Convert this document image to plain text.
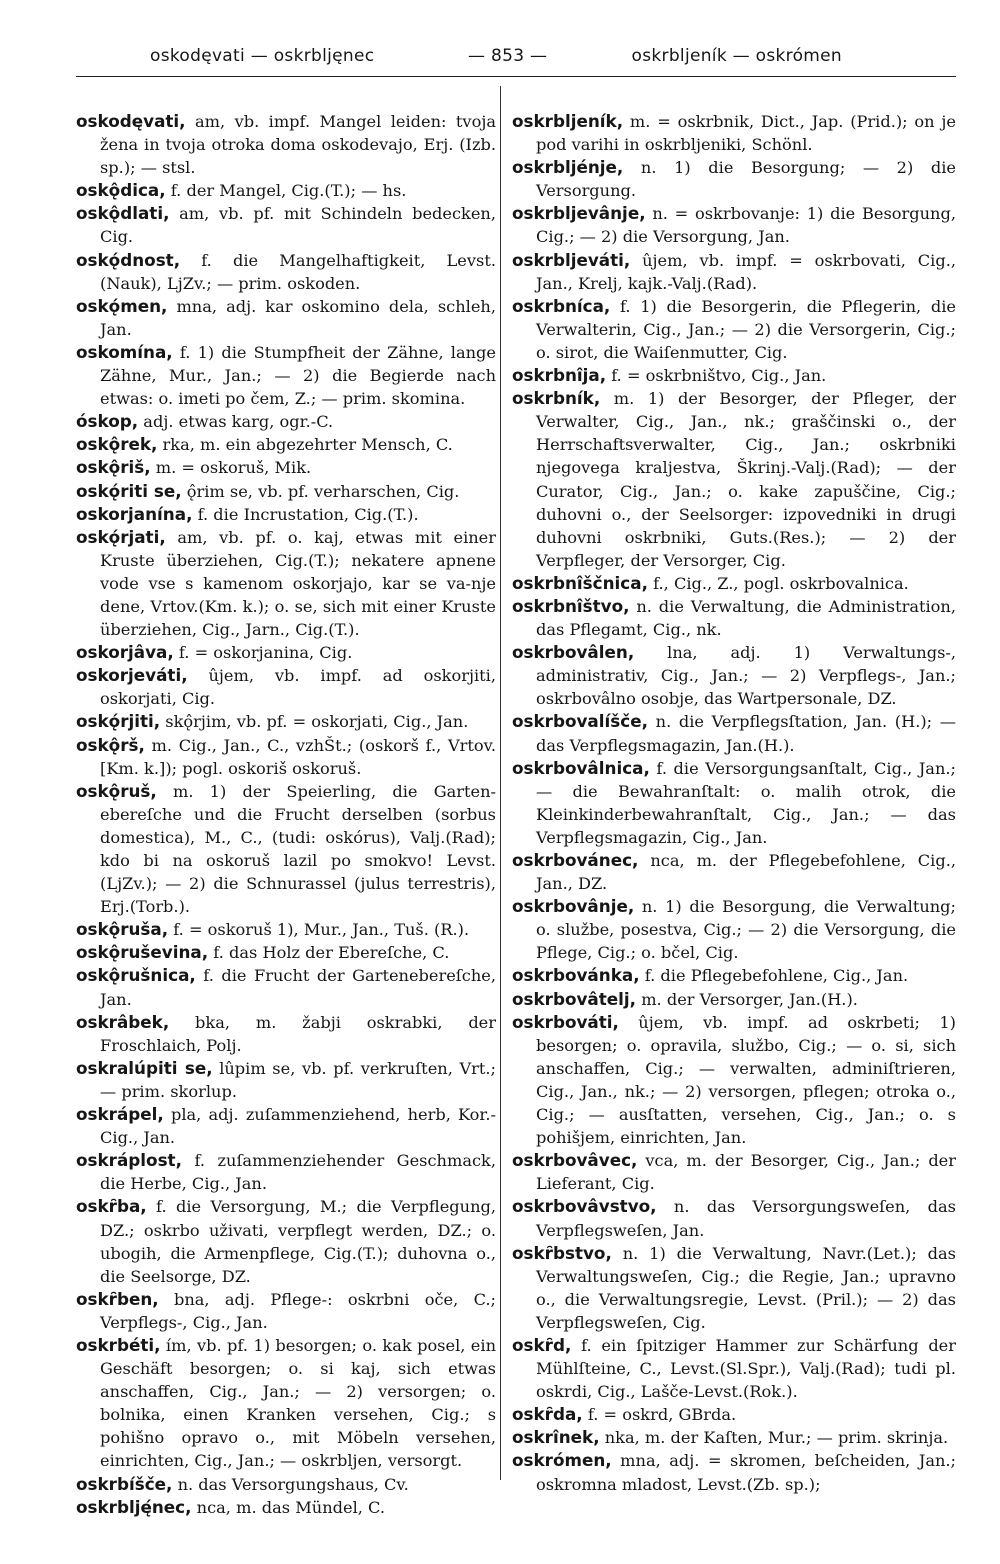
oskodęvati — oskrbljęnec	— 853 —	oskrbljeník — oskrómen

oskodęvati, am, vb. impf. Mangel leiden: tvoja žena in tvoja otroka doma oskodevajo, Erj. (Izb. sp.); — stsl.

oskǫ̂dica, f. der Mangel, Cig.(T.); — hs.

oskǫ̂dlati, am, vb. pf. mit Schindeln bedecken, Cig.

oskǫ́dnost, f. die Mangelhaftigkeit, Levst. (Nauk), LjZv.; — prim. oskoden.

oskǫ́men, mna, adj. kar oskomino dela, schleh, Jan.

oskomína, f. 1) die Stumpfheit der Zähne, lange Zähne, Mur., Jan.; — 2) die Begierde nach etwas: o. imeti po čem, Z.; — prim. skomina.

óskop, adj. etwas karg, ogr.-C.

oskǫ̂rek, rka, m. ein abgezehrter Mensch, C.

oskǫ̂riš, m. = oskoruš, Mik.

oskǫ́riti se, ǫ̂rim se, vb. pf. verharschen, Cig.

oskorjanína, f. die Incrustation, Cig.(T.).

oskǫ́rjati, am, vb. pf. o. kaj, etwas mit einer Kruste überziehen, Cig.(T.); nekatere apnene vode vse s kamenom oskorjajo, kar se va-nje dene, Vrtov.(Km. k.); o. se, sich mit einer Kruste überziehen, Cig., Jarn., Cig.(T.).

oskorjâva, f. = oskorjanina, Cig.

oskorjeváti, ûjem, vb. impf. ad oskorjiti, oskorjati, Cig.

oskǫ́rjiti, skǫ̂rjim, vb. pf. = oskorjati, Cig., Jan.

oskǫ̂rš, m. Cig., Jan., C., vzhŠt.; (oskorš f., Vrtov.[Km. k.]); pogl. oskoriš oskoruš.

oskǫ̂ruš, m. 1) der Speierling, die Garten-ebereſche und die Frucht derselben (sorbus domestica), M., C., (tudi: oskórus), Valj.(Rad); kdo bi na oskoruš lazil po smokvo! Levst. (LjZv.); — 2) die Schnurassel (julus terrestris), Erj.(Torb.).

oskǫ̂ruša, f. = oskoruš 1), Mur., Jan., Tuš. (R.).

oskǫ̂ruševina, f. das Holz der Ebereſche, C.

oskǫ̂rušnica, f. die Frucht der Gartenebereſche, Jan.

oskrâbek, bka, m. žabji oskrabki, der Froschlaich, Polj.

oskralúpiti se, lûpim se, vb. pf. verkruſten, Vrt.; — prim. skorlup.

oskrápel, pla, adj. zuſammenziehend, herb, Kor.-Cig., Jan.

oskráplost, f. zuſammenziehender Geschmack, die Herbe, Cig., Jan.

oskȓba, f. die Versorgung, M.; die Verpflegung, DZ.; oskrbo uživati, verpflegt werden, DZ.; o. ubogih, die Armenpflege, Cig.(T.); duhovna o., die Seelsorge, DZ.

oskȓben, bna, adj. Pflege-: oskrbni oče, C.; Verpflegs-, Cig., Jan.

oskrbéti, ím, vb. pf. 1) besorgen; o. kak posel, ein Geschäft besorgen; o. si kaj, sich etwas anschaffen, Cig., Jan.; — 2) versorgen; o. bolnika, einen Kranken versehen, Cig.; s pohišno opravo o., mit Möbeln versehen, einrichten, Cig., Jan.; — oskrbljen, versorgt.

oskrbíšče, n. das Versorgungshaus, Cv.

oskrblję́nec, nca, m. das Mündel, C.

oskrbljeník, m. = oskrbnik, Dict., Jap. (Prid.); on je pod varihi in oskrbljeniki, Schönl.

oskrbljénje, n. 1) die Besorgung; — 2) die Versorgung.

oskrbljevânje, n. = oskrbovanje: 1) die Besorgung, Cig.; — 2) die Versorgung, Jan.

oskrbljeváti, ûjem, vb. impf. = oskrbovati, Cig., Jan., Krelj, kajk.-Valj.(Rad).

oskrbníca, f. 1) die Besorgerin, die Pflegerin, die Verwalterin, Cig., Jan.; — 2) die Versorgerin, Cig.; o. sirot, die Waiſenmutter, Cig.

oskrbnîja, f. = oskrbništvo, Cig., Jan.

oskrbník, m. 1) der Besorger, der Pfleger, der Verwalter, Cig., Jan., nk.; graščinski o., der Herrschaftsverwalter, Cig., Jan.; oskrbniki njegovega kraljestva, Škrinj.-Valj.(Rad); — der Curator, Cig., Jan.; o. kake zapuščine, Cig.; duhovni o., der Seelsorger: izpovedniki in drugi duhovni oskrbniki, Guts.(Res.); — 2) der Verpfleger, der Versorger, Cig.

oskrbnîščnica, f., Cig., Z., pogl. oskrbovalnica.

oskrbnîštvo, n. die Verwaltung, die Administration, das Pflegamt, Cig., nk.

oskrbovâlen, lna, adj. 1) Verwaltungs-, administrativ, Cig., Jan.; — 2) Verpflegs-, Jan.; oskrbovâlno osobje, das Wartpersonale, DZ.

oskrbovalíšče, n. die Verpflegsſtation, Jan. (H.); — das Verpflegsmagazin, Jan.(H.).

oskrbovâlnica, f. die Versorgungsanſtalt, Cig., Jan.; — die Bewahranſtalt: o. malih otrok, die Kleinkinderbewahranſtalt, Cig., Jan.; — das Verpflegsmagazin, Cig., Jan.

oskrbovánec, nca, m. der Pflegebefohlene, Cig., Jan., DZ.

oskrbovânje, n. 1) die Besorgung, die Verwaltung; o. službe, posestva, Cig.; — 2) die Versorgung, die Pflege, Cig.; o. bčel, Cig.

oskrbovánka, f. die Pflegebefohlene, Cig., Jan.

oskrbovâtelj, m. der Versorger, Jan.(H.).

oskrbováti, ûjem, vb. impf. ad oskrbeti; 1) besorgen; o. opravila, službo, Cig.; — o. si, sich anschaffen, Cig.; — verwalten, adminiſtrieren, Cig., Jan., nk.; — 2) versorgen, pflegen; otroka o., Cig.; — ausſtatten, versehen, Cig., Jan.; o. s pohišjem, einrichten, Jan.

oskrbovâvec, vca, m. der Besorger, Cig., Jan.; der Lieferant, Cig.

oskrbovâvstvo, n. das Versorgungsweſen, das Verpflegsweſen, Jan.

oskȓbstvo, n. 1) die Verwaltung, Navr.(Let.); das Verwaltungsweſen, Cig.; die Regie, Jan.; upravno o., die Verwaltungsregie, Levst. (Pril.); — 2) das Verpflegsweſen, Cig.

oskȓd, f. ein ſpitziger Hammer zur Schärfung der Mühlſteine, C., Levst.(Sl.Spr.), Valj.(Rad); tudi pl. oskrdi, Cig., Lašče-Levst.(Rok.).

oskȓda, f. = oskrd, GBrda.

oskrînek, nka, m. der Kaſten, Mur.; — prim. skrinja.

oskrómen, mna, adj. = skromen, beſcheiden, Jan.; oskromna mladost, Levst.(Zb. sp.);
